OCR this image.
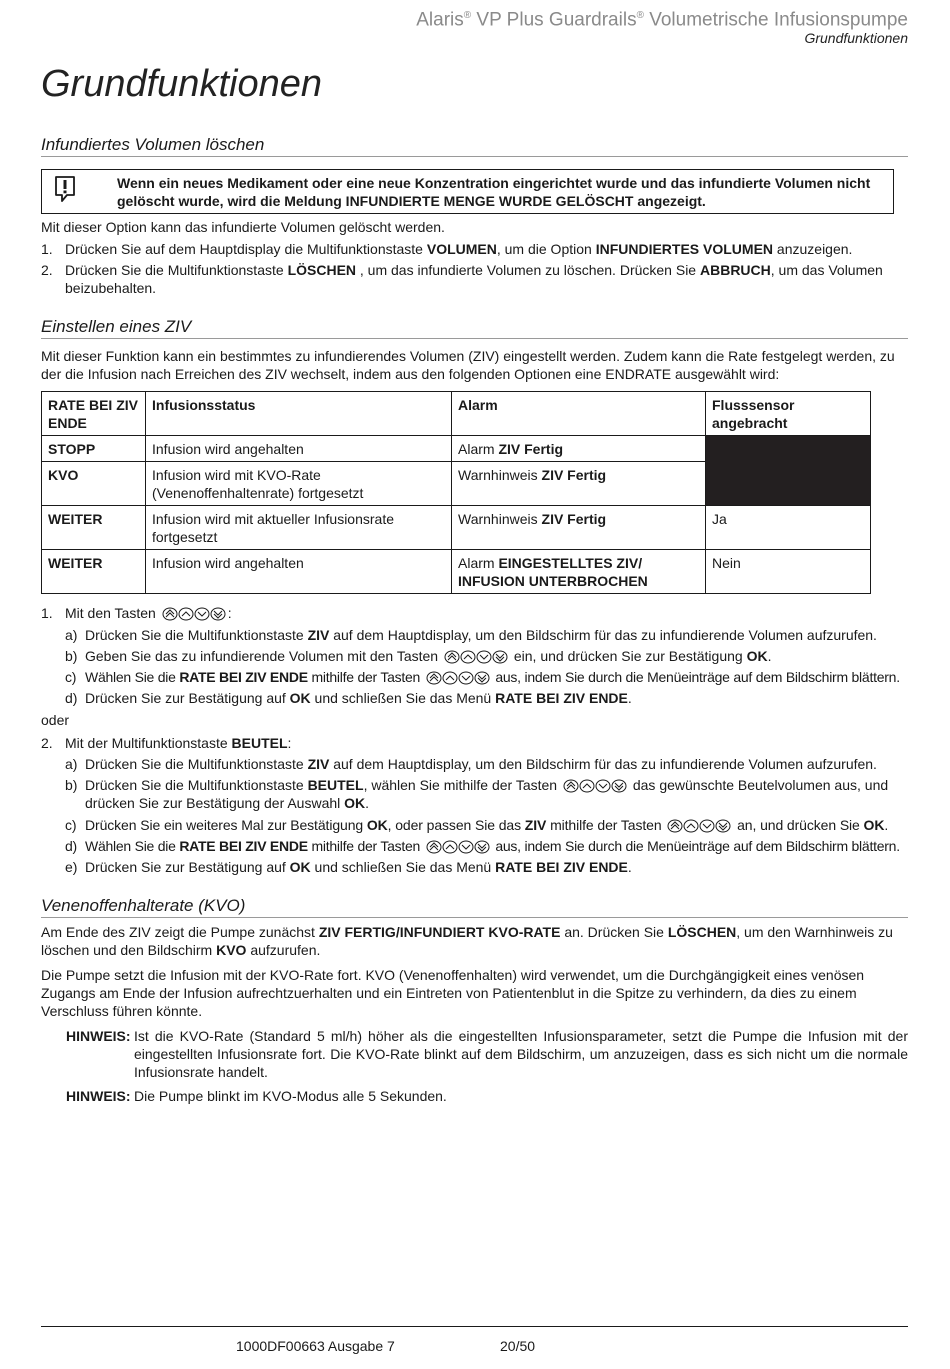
Alaris® VP Plus Guardrails® Volumetrische Infusionspumpe
Grundfunktionen
Grundfunktionen
Infundiertes Volumen löschen
Wenn ein neues Medikament oder eine neue Konzentration eingerichtet wurde und das infundierte Volumen nicht gelöscht wurde, wird die Meldung INFUNDIERTE MENGE WURDE GELÖSCHT angezeigt.
Mit dieser Option kann das infundierte Volumen gelöscht werden.
1. Drücken Sie auf dem Hauptdisplay die Multifunktionstaste VOLUMEN, um die Option INFUNDIERTES VOLUMEN anzuzeigen.
2. Drücken Sie die Multifunktionstaste LÖSCHEN , um das infundierte Volumen zu löschen. Drücken Sie ABBRUCH, um das Volumen beizubehalten.
Einstellen eines ZIV
Mit dieser Funktion kann ein bestimmtes zu infundierendes Volumen (ZIV) eingestellt werden. Zudem kann die Rate festgelegt werden, zu der die Infusion nach Erreichen des ZIV wechselt, indem aus den folgenden Optionen eine ENDRATE ausgewählt wird:
RATE BEI ZIV ENDE	Infusionsstatus	Alarm	Flusssensor angebracht
STOPP	Infusion wird angehalten	Alarm ZIV Fertig	
KVO	Infusion wird mit KVO-Rate (Venenoffenhaltenrate) fortgesetzt	Warnhinweis ZIV Fertig	
WEITER	Infusion wird mit aktueller Infusionsrate fortgesetzt	Warnhinweis ZIV Fertig	Ja
WEITER	Infusion wird angehalten	Alarm EINGESTELLTES ZIV/ INFUSION UNTERBROCHEN	Nein
1. Mit den Tasten	:
a) Drücken Sie die Multifunktionstaste ZIV auf dem Hauptdisplay, um den Bildschirm für das zu infundierende Volumen aufzurufen.
b) Geben Sie das zu infundierende Volumen mit den Tasten	ein, und drücken Sie zur Bestätigung OK.
c) Wählen Sie die RATE BEI ZIV ENDE mithilfe der Tasten	aus, indem Sie durch die Menüeinträge auf dem Bildschirm blättern.
d) Drücken Sie zur Bestätigung auf OK und schließen Sie das Menü RATE BEI ZIV ENDE.
oder
2. Mit der Multifunktionstaste BEUTEL:
a) Drücken Sie die Multifunktionstaste ZIV auf dem Hauptdisplay, um den Bildschirm für das zu infundierende Volumen aufzurufen.
b) Drücken Sie die Multifunktionstaste BEUTEL, wählen Sie mithilfe der Tasten	das gewünschte Beutelvolumen aus, und drücken Sie zur Bestätigung der Auswahl OK.
c) Drücken Sie ein weiteres Mal zur Bestätigung OK, oder passen Sie das ZIV mithilfe der Tasten	an, und drücken Sie OK.
d) Wählen Sie die RATE BEI ZIV ENDE mithilfe der Tasten	aus, indem Sie durch die Menüeinträge auf dem Bildschirm blättern.
e) Drücken Sie zur Bestätigung auf OK und schließen Sie das Menü RATE BEI ZIV ENDE.
Venenoffenhalterate (KVO)
Am Ende des ZIV zeigt die Pumpe zunächst ZIV FERTIG/INFUNDIERT KVO-RATE an. Drücken Sie LÖSCHEN, um den Warnhinweis zu löschen und den Bildschirm KVO aufzurufen.
Die Pumpe setzt die Infusion mit der KVO-Rate fort. KVO (Venenoffenhalten) wird verwendet, um die Durchgängigkeit eines venösen Zugangs am Ende der Infusion aufrechtzuerhalten und ein Eintreten von Patientenblut in die Spitze zu verhindern, da dies zu einem Verschluss führen könnte.
HINWEIS: Ist die KVO-Rate (Standard 5 ml/h) höher als die eingestellten Infusionsparameter, setzt die Pumpe die Infusion mit der eingestellten Infusionsrate fort. Die KVO-Rate blinkt auf dem Bildschirm, um anzuzeigen, dass es sich nicht um die normale Infusionsrate handelt.
HINWEIS: Die Pumpe blinkt im KVO-Modus alle 5 Sekunden.
1000DF00663 Ausgabe 7	20/50
